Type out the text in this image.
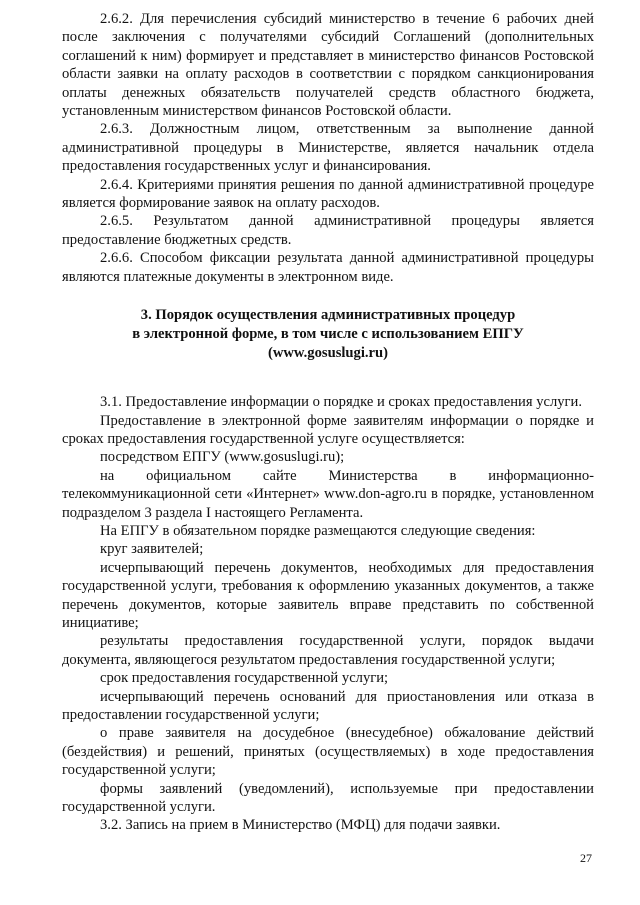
2.6.2. Для перечисления субсидий министерство в течение 6 рабочих дней после заключения с получателями субсидий Соглашений (дополнительных соглашений к ним) формирует и представляет в министерство финансов Ростовской области заявки на оплату расходов в соответствии с порядком санкционирования оплаты денежных обязательств получателей средств областного бюджета, установленным министерством финансов Ростовской области.

2.6.3. Должностным лицом, ответственным за выполнение данной административной процедуры в Министерстве, является начальник отдела предоставления государственных услуг и финансирования.

2.6.4. Критериями принятия решения по данной административной процедуре является формирование заявок на оплату расходов.

2.6.5. Результатом данной административной процедуры является предоставление бюджетных средств.

2.6.6. Способом фиксации результата данной административной процедуры являются платежные документы в электронном виде.

3. Порядок осуществления административных процедур
в электронной форме, в том числе с использованием ЕПГУ
(www.gosuslugi.ru)

3.1. Предоставление информации о порядке и сроках предоставления услуги.

Предоставление в электронной форме заявителям информации о порядке и сроках предоставления государственной услуге осуществляется:

посредством ЕПГУ (www.gosuslugi.ru);

на официальном сайте Министерства в информационно-телекоммуникационной сети «Интернет» www.don-agro.ru в порядке, установленном подразделом 3 раздела I настоящего Регламента.

На ЕПГУ в обязательном порядке размещаются следующие сведения:

круг заявителей;

исчерпывающий перечень документов, необходимых для предоставления государственной услуги, требования к оформлению указанных документов, а также перечень документов, которые заявитель вправе представить по собственной инициативе;

результаты предоставления государственной услуги, порядок выдачи документа, являющегося результатом предоставления государственной услуги;

срок предоставления государственной услуги;

исчерпывающий перечень оснований для приостановления или отказа в предоставлении государственной услуги;

о праве заявителя на досудебное (внесудебное) обжалование действий (бездействия) и решений, принятых (осуществляемых) в ходе предоставления государственной услуги;

формы заявлений (уведомлений), используемые при предоставлении государственной услуги.

3.2. Запись на прием в Министерство (МФЦ) для подачи заявки.

27
